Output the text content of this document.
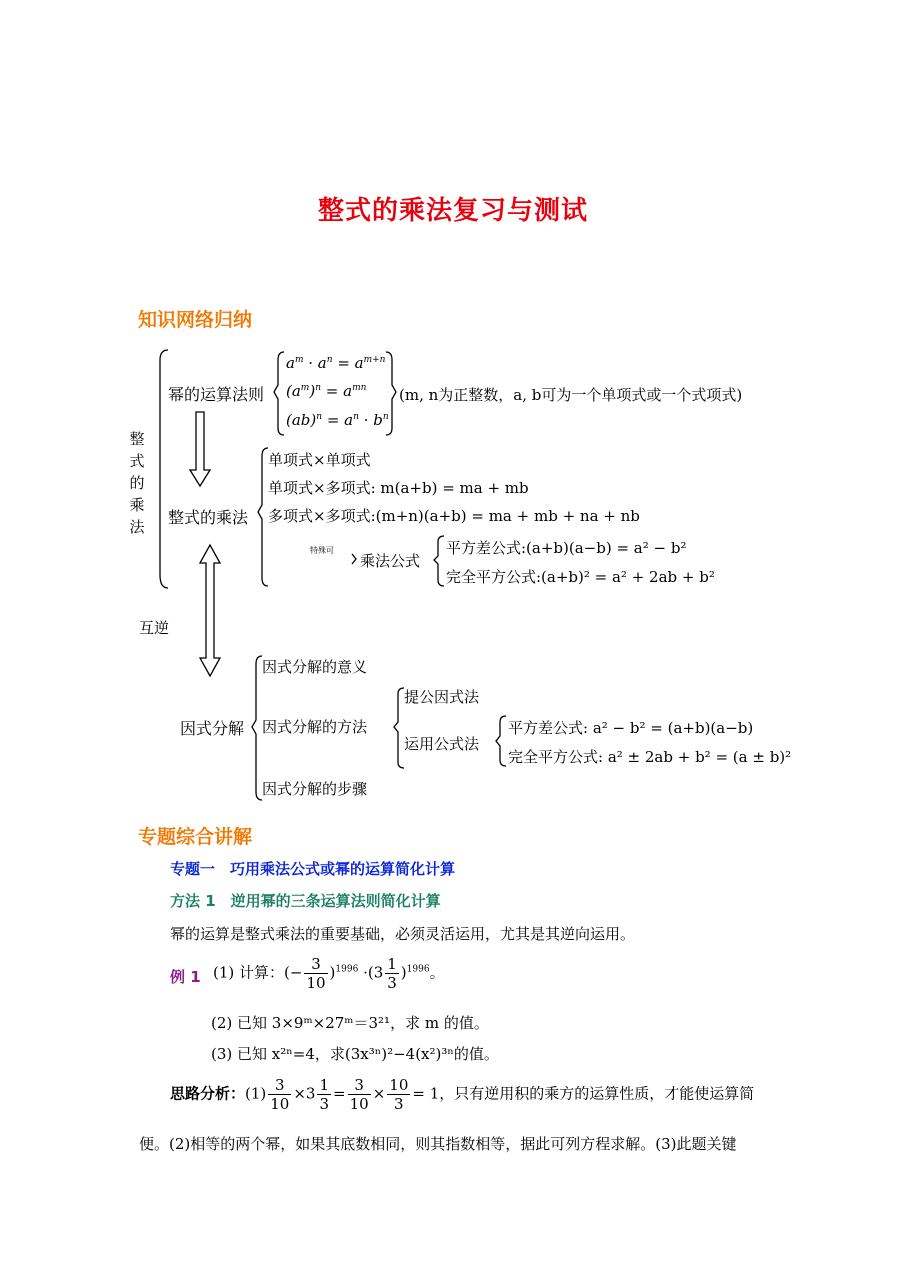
整式的乘法复习与测试
知识网络归纳
整
式
的
乘
法
幂的运算法则
$a^m \cdot a^n = a^{m+n}$
$(a^m)^n = a^{mn}$
$(ab)^n = a^n \cdot b^n$
(m, n为正整数，a, b可为一个单项式或一个式项式)
整式的乘法
单项式×单项式
单项式×多项式: m(a+b) = ma + mb
多项式×多项式:(m+n)(a+b) = ma + mb + na + nb
特殊可
乘法公式
平方差公式:(a+b)(a−b) = a² − b²
完全平方公式:(a+b)² = a² + 2ab + b²
互逆
因式分解
因式分解的意义
因式分解的方法
因式分解的步骤
提公因式法
运用公式法
平方差公式: a² − b² = (a+b)(a−b)
完全平方公式: a² ± 2ab + b² = (a ± b)²
专题综合讲解
专题一　巧用乘法公式或幂的运算简化计算
方法 1　逆用幂的三条运算法则简化计算
幂的运算是整式乘法的重要基础，必须灵活运用，尤其是其逆向运用。
例 1 (1) 计算：(− $\frac{3}{10} )^{1996} \cdot(3 \frac{1}{3} )^{1996}$。
(2) 已知 3×9ᵐ×27ᵐ＝3²¹，求 m 的值。
(3) 已知 x²ⁿ=4，求(3x³ⁿ)²−4(x²)³ⁿ的值。
思路分析：$(1) \frac{3}{10} \times 3 \frac{1}{3} = \frac{3}{10} \times \frac{10}{3} = 1$，只有逆用积的乘方的运算性质，才能使运算简
便。(2)相等的两个幂，如果其底数相同，则其指数相等，据此可列方程求解。(3)此题关键
